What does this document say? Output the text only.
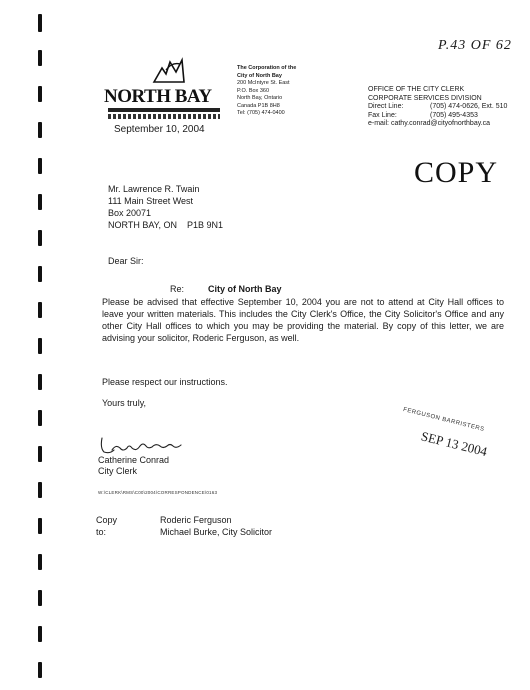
NORTH BAY
September 10, 2004
The Corporation of the
City of North Bay
200 McIntyre St. East
P.O. Box 360
North Bay, Ontario
Canada P1B 8H8
Tel: (705) 474-0400
OFFICE OF THE CITY CLERK
CORPORATE SERVICES DIVISION
Direct Line:	(705) 474-0626, Ext. 510
Fax Line:	(705) 495-4353
e-mail: cathy.conrad@cityofnorthbay.ca
P.43 OF 62
COPY
Mr. Lawrence R. Twain
111 Main Street West
Box 20071
NORTH BAY, ON    P1B 9N1
Dear Sir:
Re:	City of North Bay
Please be advised that effective September 10, 2004 you are not to attend at City Hall offices to leave your written materials. This includes the City Clerk's Office, the City Solicitor's Office and any other City Hall offices to which you may be providing the material. By copy of this letter, we are advising your solicitor, Roderic Ferguson, as well.
Please respect our instructions.
Yours truly,
Catherine Conrad
City Clerk
W:\CLERK\RMS\C00\2004\CORRESPONDENCE\0163
Copy to:
Roderic Ferguson
Michael Burke, City Solicitor
FERGUSON BARRISTERS
SEP 13 2004
